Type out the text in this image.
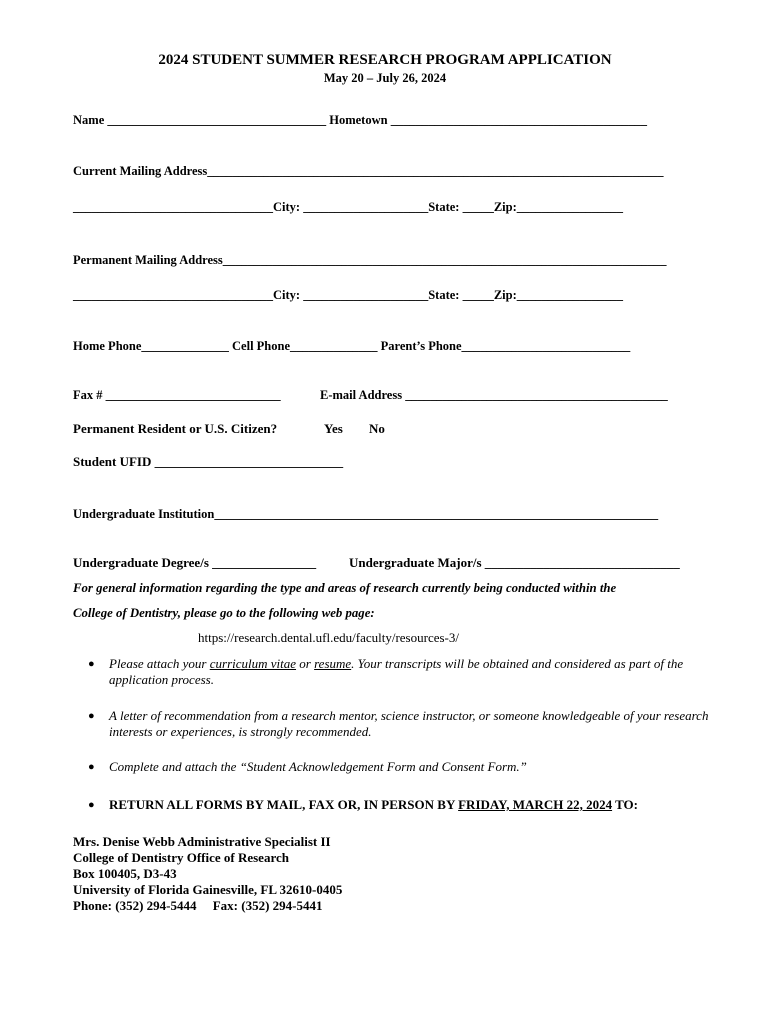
2024 STUDENT SUMMER RESEARCH PROGRAM APPLICATION
May 20 – July 26, 2024
Name ___________________________________ Hometown _________________________________________
Current Mailing Address_________________________________________________________________________
________________________________City: ____________________State: _____Zip:_________________
Permanent Mailing Address_______________________________________________________________________
________________________________City: ____________________State: _____Zip:_________________
Home Phone______________ Cell Phone______________ Parent’s Phone___________________________
Fax # ____________________________	E-mail Address __________________________________________
Permanent Resident or U.S. Citizen?	Yes No
Student UFID _____________________________
Undergraduate Institution_______________________________________________________________________
Undergraduate Degree/s ________________	Undergraduate Major/s ______________________________
For general information regarding the type and areas of research currently being conducted within the
College of Dentistry, please go to the following web page:
https://research.dental.ufl.edu/faculty/resources-3/
● Please attach your curriculum vitae or resume. Your transcripts will be obtained and considered as part of the application process.
● A letter of recommendation from a research mentor, science instructor, or someone knowledgeable of your research interests or experiences, is strongly recommended.
● Complete and attach the “Student Acknowledgement Form and Consent Form.”
● RETURN ALL FORMS BY MAIL, FAX OR, IN PERSON BY FRIDAY, MARCH 22, 2024 TO:
Mrs. Denise Webb Administrative Specialist II
College of Dentistry Office of Research
Box 100405, D3-43
University of Florida Gainesville, FL 32610-0405
Phone: (352) 294-5444     Fax: (352) 294-5441
